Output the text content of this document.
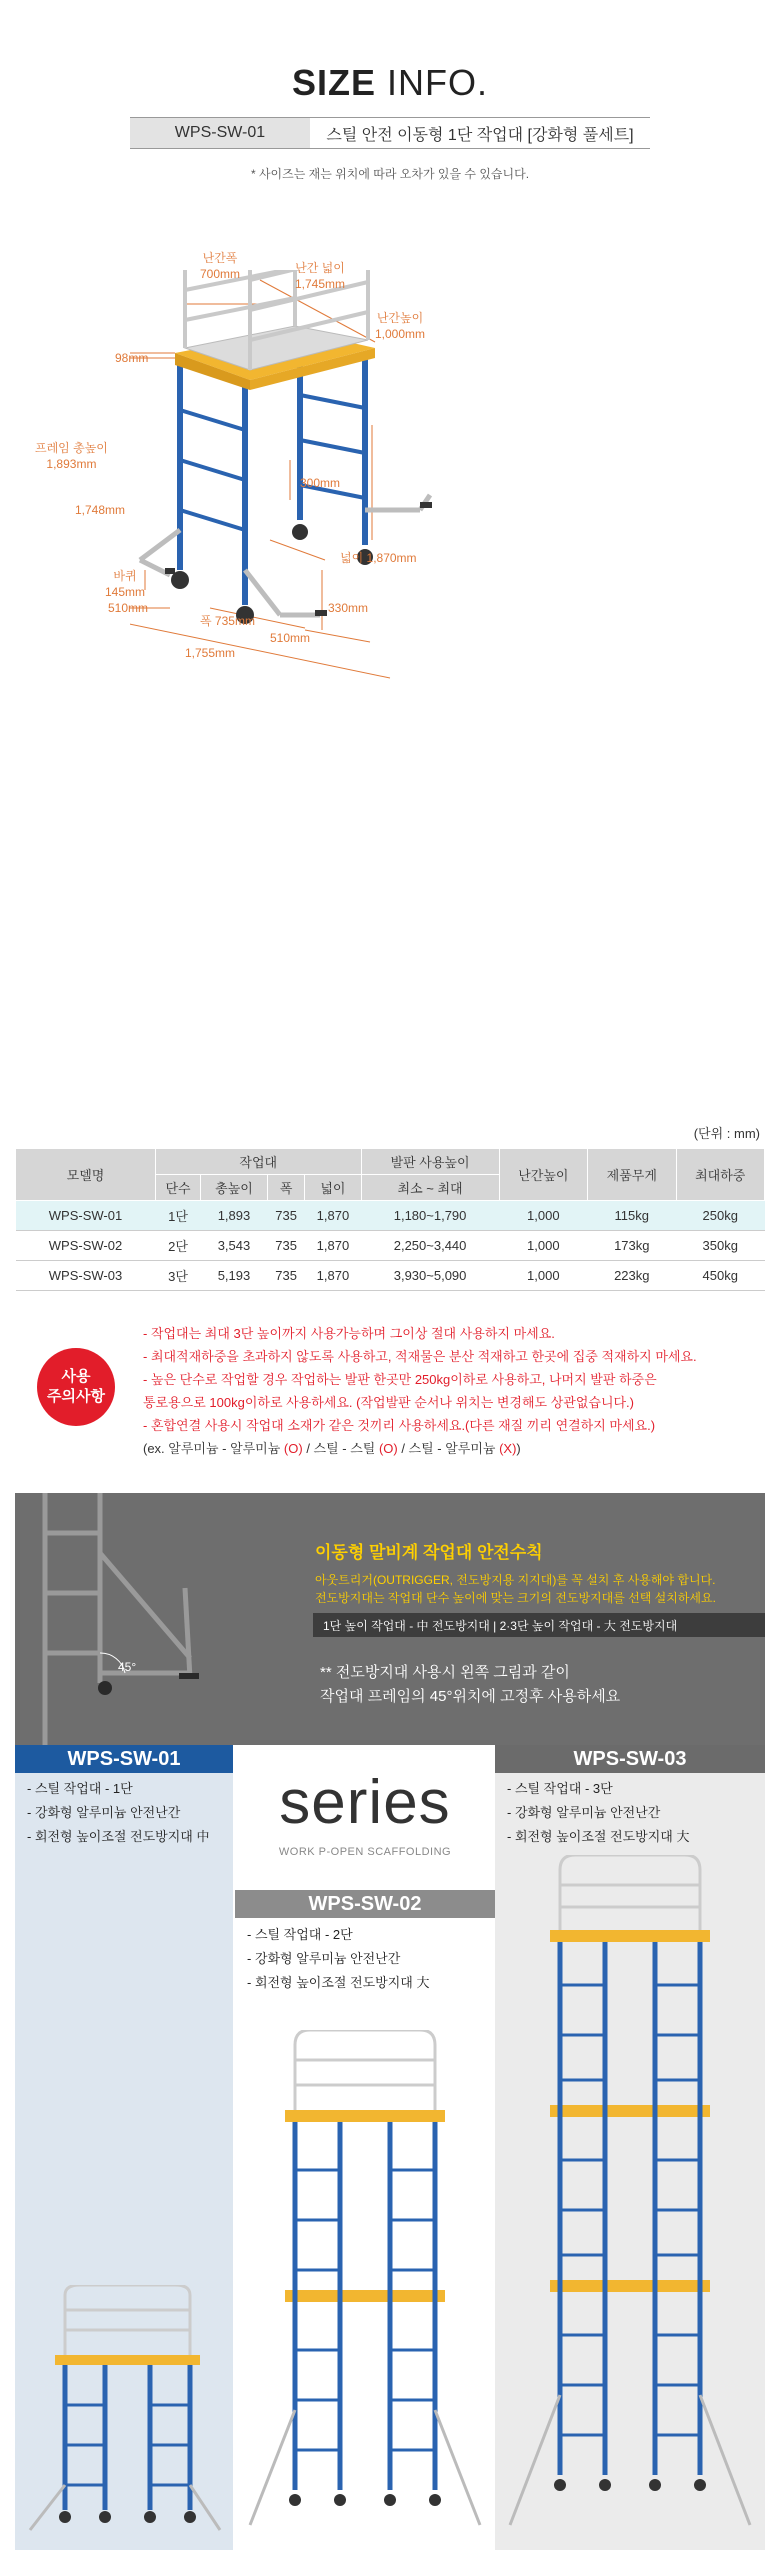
SIZE INFO.
WPS-SW-01	스틸 안전 이동형 1단 작업대 [강화형 풀세트]
* 사이즈는 재는 위치에 따라 오차가 있을 수 있습니다.
난간폭
700mm	난간 넓이
1,745mm
난간높이
1,000mm
98mm
프레임 총높이
1,893mm
1,748mm
300mm
바퀴
145mm
넓이 1,870mm
330mm
510mm
폭 735mm
510mm
1,755mm
(단위 : mm)
모델명	작업대				발판 사용높이	난간높이	제품무게	최대하중
	단수	총높이	폭	넓이	최소 ~ 최대			
WPS-SW-01	1단	1,893	735	1,870	1,180~1,790	1,000	115kg	250kg
WPS-SW-02	2단	3,543	735	1,870	2,250~3,440	1,000	173kg	350kg
WPS-SW-03	3단	5,193	735	1,870	3,930~5,090	1,000	223kg	450kg
사용
주의사항
- 작업대는 최대 3단 높이까지 사용가능하며 그이상 절대 사용하지 마세요.
- 최대적재하중을 초과하지 않도록 사용하고, 적재물은 분산 적재하고 한곳에 집중 적재하지 마세요.
- 높은 단수로 작업할 경우 작업하는 발판 한곳만 250kg이하로 사용하고, 나머지 발판 하중은
통로용으로 100kg이하로 사용하세요. (작업발판 순서나 위치는 변경해도 상관없습니다.)
- 혼합연결 사용시 작업대 소재가 같은 것끼리 사용하세요.(다른 재질 끼리 연결하지 마세요.)
(ex. 알루미늄 - 알루미늄 (O) / 스틸 - 스틸 (O) / 스틸 - 알루미늄 (X))
45°
이동형 말비계 작업대 안전수칙
아웃트리거(OUTRIGGER, 전도방지용 지지대)를 꼭 설치 후 사용해야 합니다.
전도방지대는 작업대 단수 높이에 맞는 크기의 전도방지대를 선택 설치하세요.
1단 높이 작업대 - 中 전도방지대 | 2·3단 높이 작업대 - 大 전도방지대
** 전도방지대 사용시 왼쪽 그림과 같이
작업대 프레임의 45°위치에 고정후 사용하세요
WPS-SW-01
- 스틸 작업대 - 1단
- 강화형 알루미늄 안전난간
- 회전형 높이조절 전도방지대 中	series
WORK P-OPEN SCAFFOLDING
WPS-SW-02
- 스틸 작업대 - 2단
- 강화형 알루미늄 안전난간
- 회전형 높이조절 전도방지대 大
WPS-SW-03
- 스틸 작업대 - 3단
- 강화형 알루미늄 안전난간
- 회전형 높이조절 전도방지대 大
